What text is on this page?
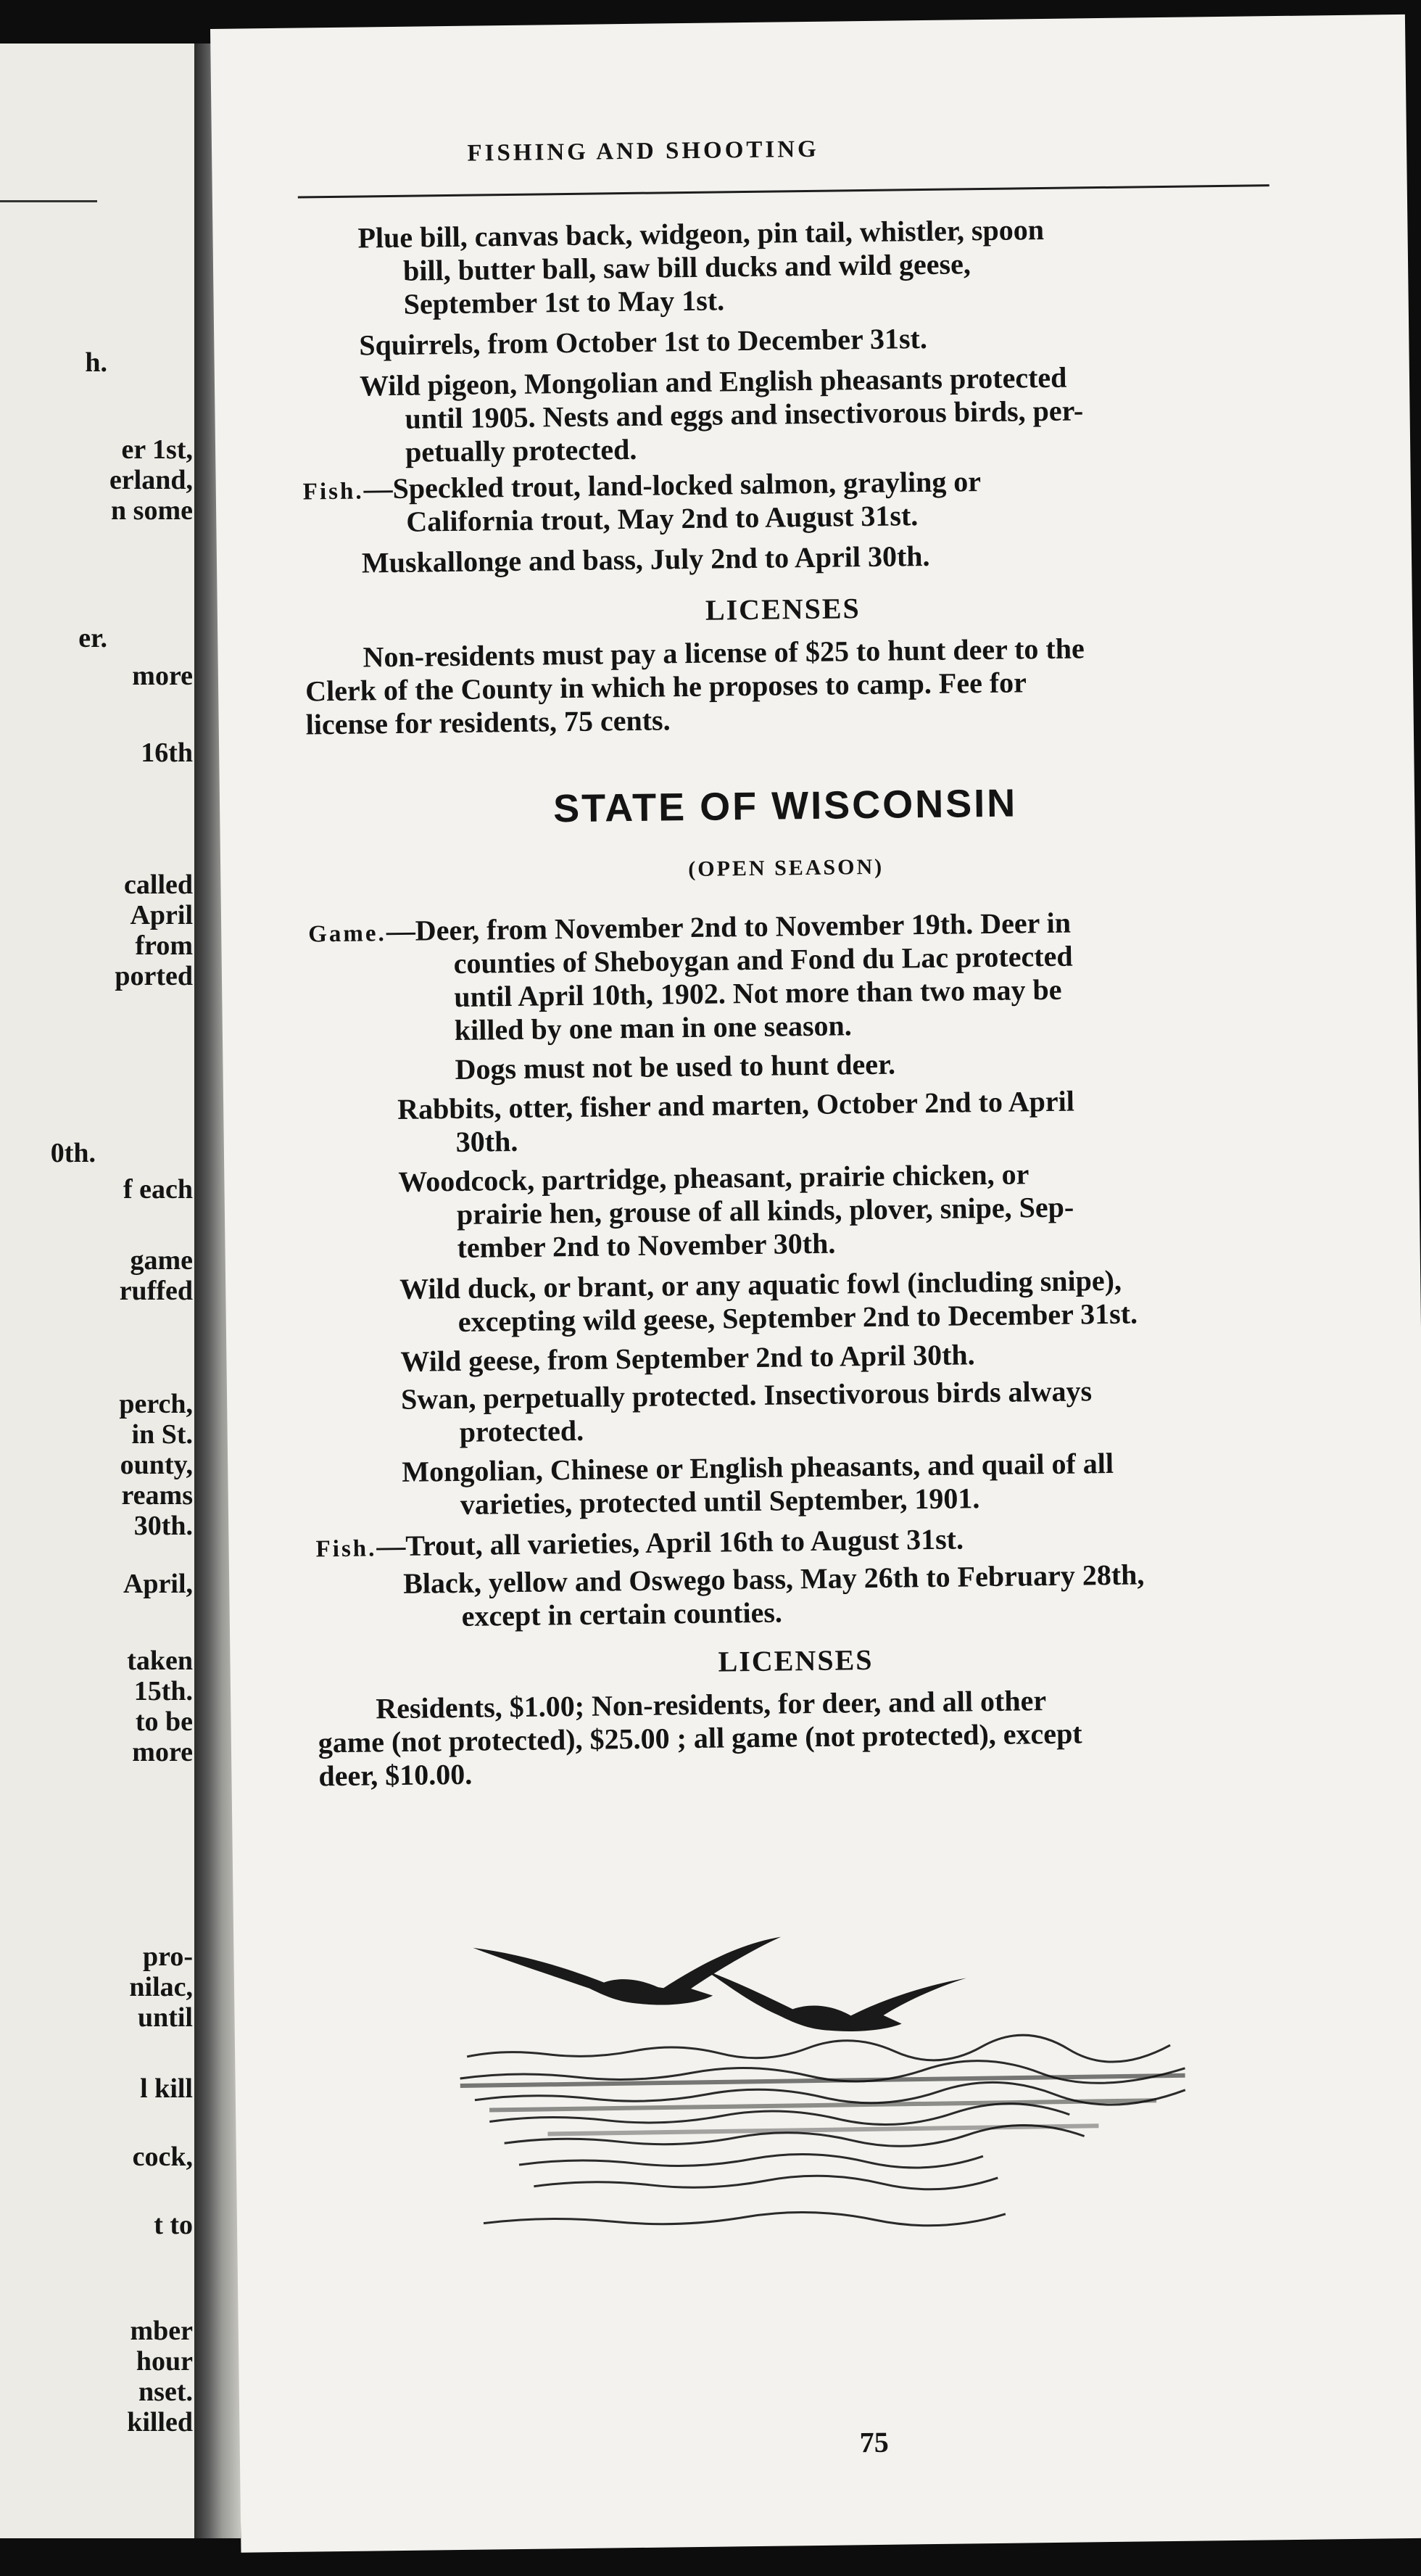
h.
er 1st,
erland,
n some
er.
more
16th
called
April
from
ported
0th.
f each
game
ruffed
perch,
in St.
ounty,
reams
30th.
April,
taken
15th.
to be
more
pro-
nilac,
until
l kill
cock,
t to
mber
hour
nset.
killed
FISHING AND SHOOTING
Plue bill, canvas back, widgeon, pin tail, whistler, spoon
bill, butter ball, saw bill ducks and wild geese,
September 1st to May 1st.
Squirrels, from October 1st to December 31st.
Wild pigeon, Mongolian and English pheasants protected
until 1905. Nests and eggs and insectivorous birds, per-
petually protected.
Fish.—Speckled trout, land-locked salmon, grayling or
California trout, May 2nd to August 31st.
Muskallonge and bass, July 2nd to April 30th.
LICENSES
Non-residents must pay a license of $25 to hunt deer to the
Clerk of the County in which he proposes to camp. Fee for
license for residents, 75 cents.
STATE OF WISCONSIN
(OPEN SEASON)
Game.—Deer, from November 2nd to November 19th. Deer in
counties of Sheboygan and Fond du Lac protected
until April 10th, 1902. Not more than two may be
killed by one man in one season.
Dogs must not be used to hunt deer.
Rabbits, otter, fisher and marten, October 2nd to April
30th.
Woodcock, partridge, pheasant, prairie chicken, or
prairie hen, grouse of all kinds, plover, snipe, Sep-
tember 2nd to November 30th.
Wild duck, or brant, or any aquatic fowl (including snipe),
excepting wild geese, September 2nd to December 31st.
Wild geese, from September 2nd to April 30th.
Swan, perpetually protected. Insectivorous birds always
protected.
Mongolian, Chinese or English pheasants, and quail of all
varieties, protected until September, 1901.
Fish.—Trout, all varieties, April 16th to August 31st.
Black, yellow and Oswego bass, May 26th to February 28th,
except in certain counties.
LICENSES
Residents, $1.00; Non-residents, for deer, and all other
game (not protected), $25.00 ; all game (not protected), except
deer, $10.00.
75
